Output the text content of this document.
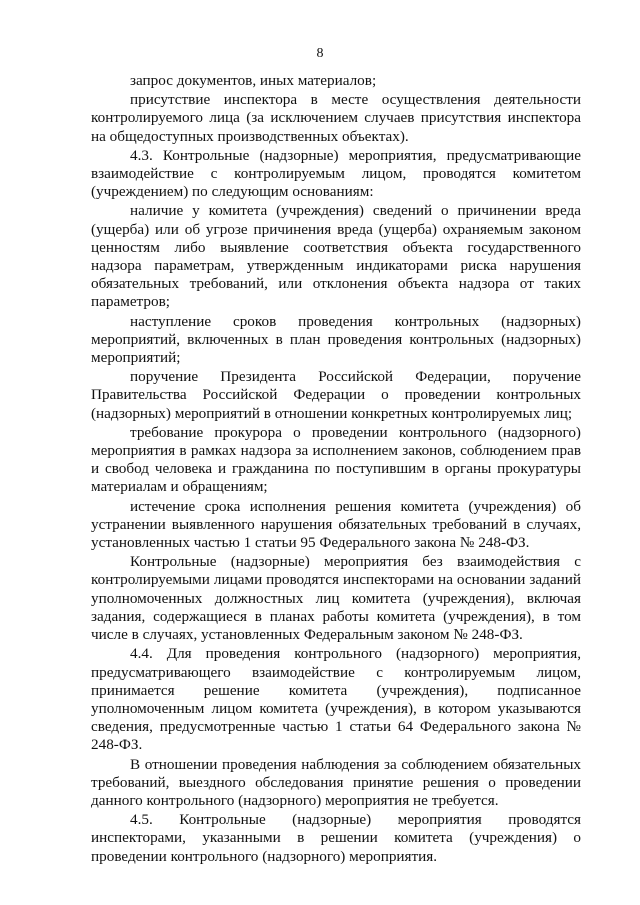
8

запрос документов, иных материалов;

присутствие инспектора в месте осуществления деятельности контролируемого лица (за исключением случаев присутствия инспектора на общедоступных производственных объектах).

4.3. Контрольные (надзорные) мероприятия, предусматривающие взаимодействие с контролируемым лицом, проводятся комитетом (учреждением) по следующим основаниям:

наличие у комитета (учреждения) сведений о причинении вреда (ущерба) или об угрозе причинения вреда (ущерба) охраняемым законом ценностям либо выявление соответствия объекта государственного надзора параметрам, утвержденным индикаторами риска нарушения обязательных требований, или отклонения объекта надзора от таких параметров;

наступление сроков проведения контрольных (надзорных) мероприятий, включенных в план проведения контрольных (надзорных) мероприятий;

поручение Президента Российской Федерации, поручение Правительства Российской Федерации о проведении контрольных (надзорных) мероприятий в отношении конкретных контролируемых лиц;

требование прокурора о проведении контрольного (надзорного) мероприятия в рамках надзора за исполнением законов, соблюдением прав и свобод человека и гражданина по поступившим в органы прокуратуры материалам и обращениям;

истечение срока исполнения решения комитета (учреждения) об устранении выявленного нарушения обязательных требований в случаях, установленных частью 1 статьи 95 Федерального закона № 248-ФЗ.

Контрольные (надзорные) мероприятия без взаимодействия с контролируемыми лицами проводятся инспекторами на основании заданий уполномоченных должностных лиц комитета (учреждения), включая задания, содержащиеся в планах работы комитета (учреждения), в том числе в случаях, установленных Федеральным законом № 248-ФЗ.

4.4. Для проведения контрольного (надзорного) мероприятия, предусматривающего взаимодействие с контролируемым лицом, принимается решение комитета (учреждения), подписанное уполномоченным лицом комитета (учреждения), в котором указываются сведения, предусмотренные частью 1 статьи 64 Федерального закона № 248-ФЗ.

В отношении проведения наблюдения за соблюдением обязательных требований, выездного обследования принятие решения о проведении данного контрольного (надзорного) мероприятия не требуется.

4.5. Контрольные (надзорные) мероприятия проводятся инспекторами, указанными в решении комитета (учреждения) о проведении контрольного (надзорного) мероприятия.
